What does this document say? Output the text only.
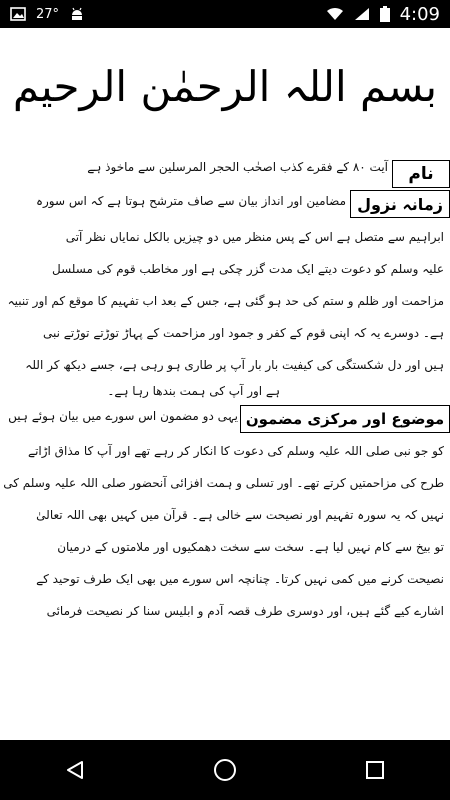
27°	4:09
بسم اللہ الرحمٰن الرحیم
نام
آیت ۸۰ کے فقرے کذب اصحٰب الحجر المرسلین سے ماخوذ ہے
زمانہ نزول
مضامین اور انداز بیان سے صاف مترشح ہوتا ہے کہ اس سورہ
ابراہیم سے متصل ہے اس کے پس منظر میں دو چیزیں بالکل نمایاں نظر آتی
علیہ وسلم کو دعوت دیتے ایک مدت گزر چکی ہے اور مخاطب قوم کی مسلسل
مزاحمت اور ظلم و ستم کی حد ہو گئی ہے، جس کے بعد اب تفہیم کا موقع کم اور تنبیہ
ہے۔ دوسرے یہ کہ اپنی قوم کے کفر و جمود اور مزاحمت کے پہاڑ توڑتے توڑتے نبی
ہیں اور دل شکستگی کی کیفیت بار بار آپ پر طاری ہو رہی ہے، جسے دیکھ کر اللہ
ہے اور آپ کی ہمت بندھا رہا ہے۔
موضوع اور مرکزی مضمون
یہی دو مضمون اس سورے میں بیان ہوئے ہیں
کو جو نبی صلی اللہ علیہ وسلم کی دعوت کا انکار کر رہے تھے اور آپ کا مذاق اڑاتے
طرح کی مزاحمتیں کرتے تھے۔ اور تسلی و ہمت افزائی آنحضور صلی اللہ علیہ وسلم کی
نہیں کہ یہ سورہ تفہیم اور نصیحت سے خالی ہے۔ قرآن میں کہیں بھی اللہ تعالیٰ
تو بیخ سے کام نہیں لیا ہے۔ سخت سے سخت دھمکیوں اور ملامتوں کے درمیان
نصیحت کرنے میں کمی نہیں کرتا۔ چنانچہ اس سورے میں بھی ایک طرف توحید کے
اشارے کیے گئے ہیں، اور دوسری طرف قصہ آدم و ابلیس سنا کر نصیحت فرمائی
